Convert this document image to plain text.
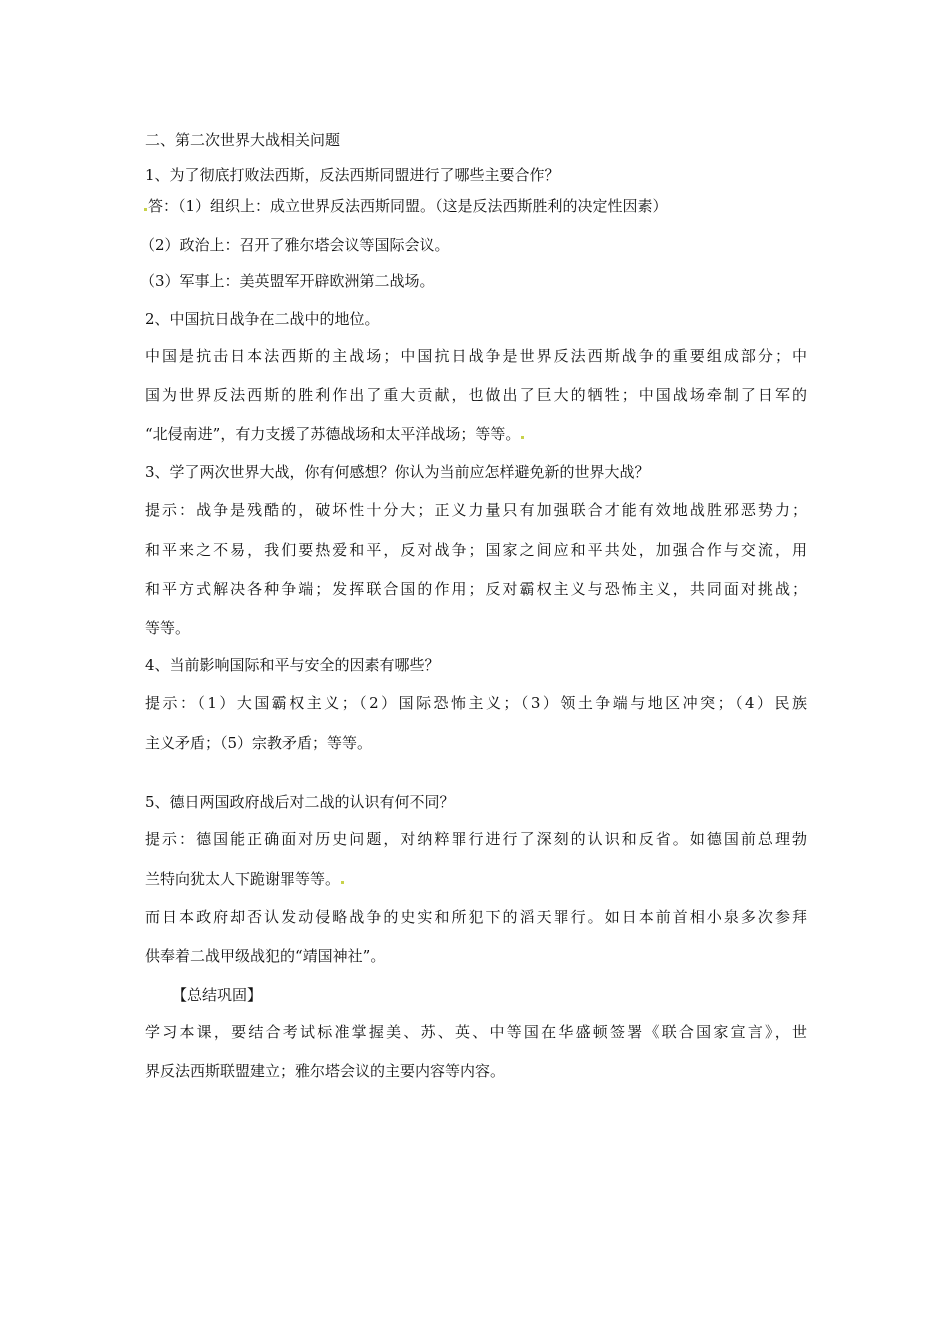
二、第二次世界大战相关问题
1、为了彻底打败法西斯，反法西斯同盟进行了哪些主要合作？
答：（1）组织上：成立世界反法西斯同盟。（这是反法西斯胜利的决定性因素）
（2）政治上：召开了雅尔塔会议等国际会议。
（3）军事上：美英盟军开辟欧洲第二战场。
2、中国抗日战争在二战中的地位。
中国是抗击日本法西斯的主战场；中国抗日战争是世界反法西斯战争的重要组成部分；中
国为世界反法西斯的胜利作出了重大贡献，也做出了巨大的牺牲；中国战场牵制了日军的
“北侵南进”，有力支援了苏德战场和太平洋战场；等等。
3、学了两次世界大战，你有何感想？你认为当前应怎样避免新的世界大战？
提示：战争是残酷的，破坏性十分大；正义力量只有加强联合才能有效地战胜邪恶势力；
和平来之不易，我们要热爱和平，反对战争；国家之间应和平共处，加强合作与交流，用
和平方式解决各种争端；发挥联合国的作用；反对霸权主义与恐怖主义，共同面对挑战；
等等。
4、当前影响国际和平与安全的因素有哪些？
提示：（1）大国霸权主义；（2）国际恐怖主义；（3）领土争端与地区冲突；（4）民族
主义矛盾；（5）宗教矛盾；等等。
5、德日两国政府战后对二战的认识有何不同？
提示：德国能正确面对历史问题，对纳粹罪行进行了深刻的认识和反省。如德国前总理勃
兰特向犹太人下跪谢罪等等。
而日本政府却否认发动侵略战争的史实和所犯下的滔天罪行。如日本前首相小泉多次参拜
供奉着二战甲级战犯的“靖国神社”。
【总结巩固】
学习本课，要结合考试标准掌握美、苏、英、中等国在华盛顿签署《联合国家宣言》，世
界反法西斯联盟建立；雅尔塔会议的主要内容等内容。
